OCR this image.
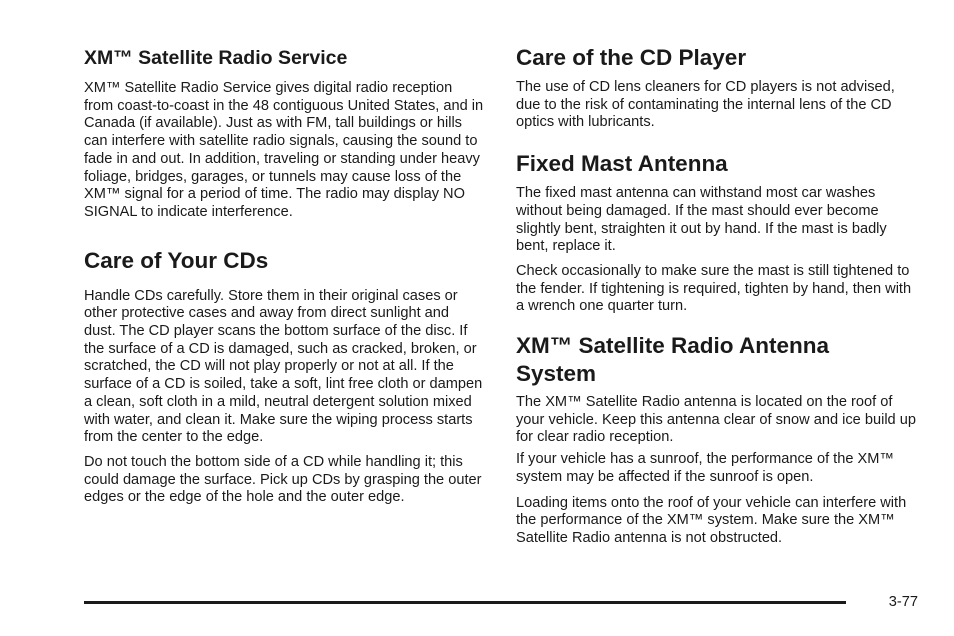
XM™ Satellite Radio Service

XM™ Satellite Radio Service gives digital radio reception from coast-to-coast in the 48 contiguous United States, and in Canada (if available). Just as with FM, tall buildings or hills can interfere with satellite radio signals, causing the sound to fade in and out. In addition, traveling or standing under heavy foliage, bridges, garages, or tunnels may cause loss of the XM™ signal for a period of time. The radio may display NO SIGNAL to indicate interference.

Care of Your CDs

Handle CDs carefully. Store them in their original cases or other protective cases and away from direct sunlight and dust. The CD player scans the bottom surface of the disc. If the surface of a CD is damaged, such as cracked, broken, or scratched, the CD will not play properly or not at all. If the surface of a CD is soiled, take a soft, lint free cloth or dampen a clean, soft cloth in a mild, neutral detergent solution mixed with water, and clean it. Make sure the wiping process starts from the center to the edge.

Do not touch the bottom side of a CD while handling it; this could damage the surface. Pick up CDs by grasping the outer edges or the edge of the hole and the outer edge.

Care of the CD Player

The use of CD lens cleaners for CD players is not advised, due to the risk of contaminating the internal lens of the CD optics with lubricants.

Fixed Mast Antenna

The fixed mast antenna can withstand most car washes without being damaged. If the mast should ever become slightly bent, straighten it out by hand. If the mast is badly bent, replace it.

Check occasionally to make sure the mast is still tightened to the fender. If tightening is required, tighten by hand, then with a wrench one quarter turn.

XM™ Satellite Radio Antenna
System

The XM™ Satellite Radio antenna is located on the roof of your vehicle. Keep this antenna clear of snow and ice build up for clear radio reception.

If your vehicle has a sunroof, the performance of the XM™ system may be affected if the sunroof is open.

Loading items onto the roof of your vehicle can interfere with the performance of the XM™ system. Make sure the XM™ Satellite Radio antenna is not obstructed.

3-77
